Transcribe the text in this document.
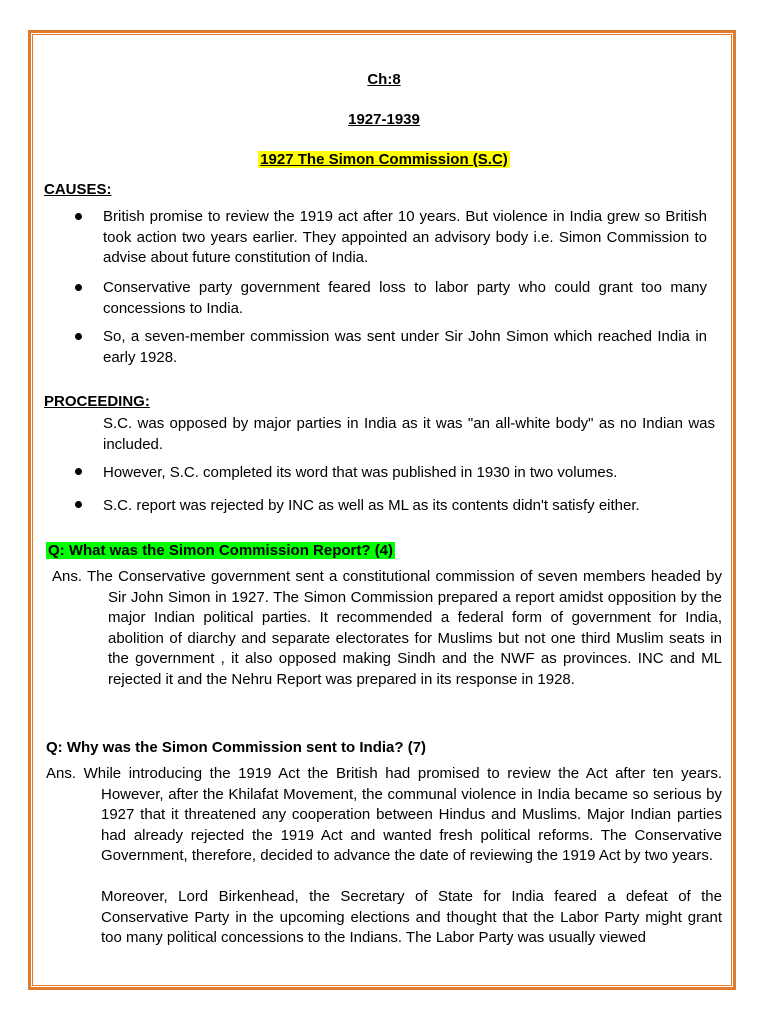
Ch:8
1927-1939
1927 The Simon Commission (S.C)
CAUSES:
British promise to review the 1919 act after 10 years. But violence in India grew so British took action two years earlier. They appointed an advisory body i.e. Simon Commission to advise about future constitution of India.
Conservative party government feared loss to labor party who could grant too many concessions to India.
So, a seven-member commission was sent under Sir John Simon which reached India in early 1928.
PROCEEDING:
S.C. was opposed by major parties in India as it was "an all-white body" as no Indian was included.
However, S.C. completed its word that was published in 1930 in two volumes.
S.C. report was rejected by INC as well as ML as its contents didn't satisfy either.
Q: What was the Simon Commission Report? (4)
Ans. The Conservative government sent a constitutional commission of seven members headed by Sir John Simon in 1927. The Simon Commission prepared a report amidst opposition by the major Indian political parties. It recommended a federal form of government for India, abolition of diarchy and separate electorates for Muslims but not one third Muslim seats in the government , it also opposed making Sindh and the NWF as provinces. INC and ML rejected it and the Nehru Report was prepared in its response in 1928.
Q: Why was the Simon Commission sent to India? (7)
Ans. While introducing the 1919 Act the British had promised to review the Act after ten years. However, after the Khilafat Movement, the communal violence in India became so serious by 1927 that it threatened any cooperation between Hindus and Muslims. Major Indian parties had already rejected the 1919 Act and wanted fresh political reforms. The Conservative Government, therefore, decided to advance the date of reviewing the 1919 Act by two years.
Moreover, Lord Birkenhead, the Secretary of State for India feared a defeat of the Conservative Party in the upcoming elections and thought that the Labor Party might grant too many political concessions to the Indians. The Labor Party was usually viewed
